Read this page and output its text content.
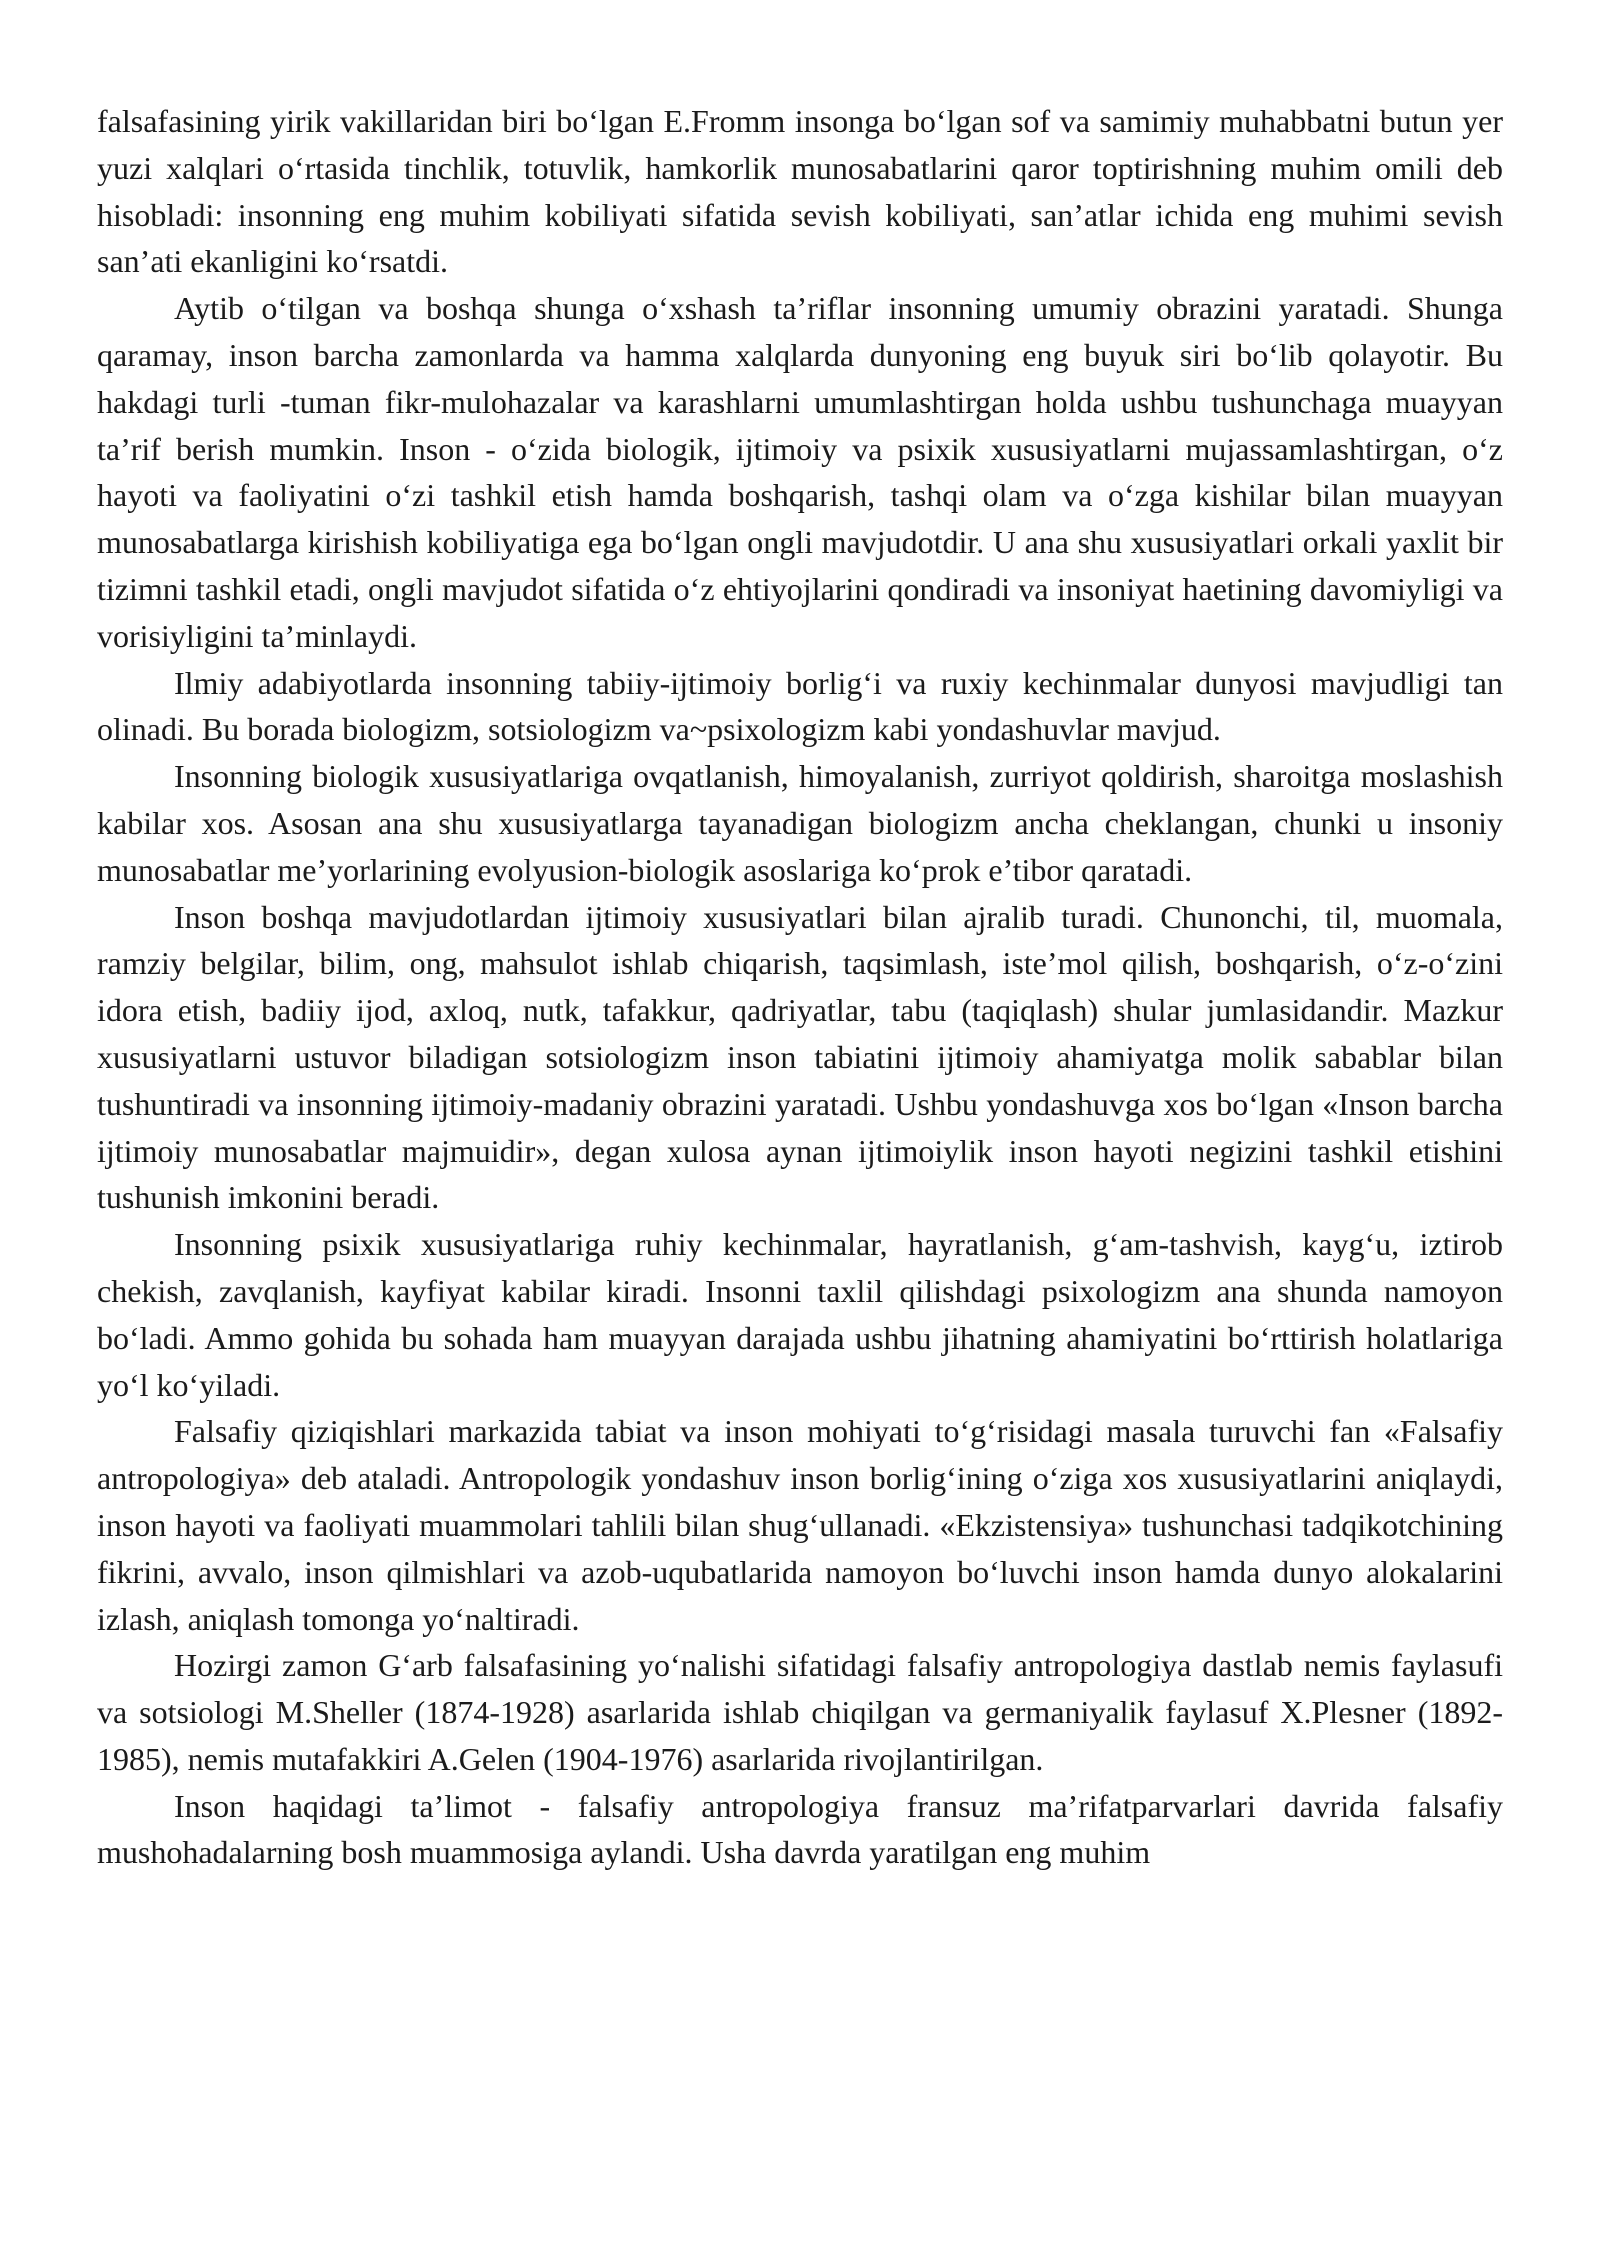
falsafasining yirik vakillaridan biri boʻlgan E.Fromm insonga boʻlgan sof va samimiy muhabbatni butun yer yuzi xalqlari oʻrtasida tinchlik, totuvlik, hamkorlik munosabatlarini qaror toptirishning muhim omili deb hisobladi: insonning eng muhim kobiliyati sifatida sevish kobiliyati, san’atlar ichida eng muhimi sevish san’ati ekanligini koʻrsatdi.

Aytib oʻtilgan va boshqa shunga oʻxshash ta’riflar insonning umumiy obrazini yaratadi. Shunga qaramay, inson barcha zamonlarda va hamma xalqlarda dunyoning eng buyuk siri boʻlib qolayotir. Bu hakdagi turli -tuman fikr-mulohazalar va karashlarni umumlashtirgan holda ushbu tushunchaga muayyan ta’rif berish mumkin. Inson - oʻzida biologik, ijtimoiy va psixik xususiyatlarni mujassamlashtirgan, oʻz hayoti va faoliyatini oʻzi tashkil etish hamda boshqarish, tashqi olam va oʻzga kishilar bilan muayyan munosabatlarga kirishish kobiliyatiga ega boʻlgan ongli mavjudotdir. U ana shu xususiyatlari orkali yaxlit bir tizimni tashkil etadi, ongli mavjudot sifatida oʻz ehtiyojlarini qondiradi va insoniyat haetining davomiyligi va vorisiyligini ta’minlaydi.

Ilmiy adabiyotlarda insonning tabiiy-ijtimoiy borligʻi va ruxiy kechinmalar dunyosi mavjudligi tan olinadi. Bu borada biologizm, sotsiologizm va~psixologizm kabi yondashuvlar mavjud.

Insonning biologik xususiyatlariga ovqatlanish, himoyalanish, zurriyot qoldirish, sharoitga moslashish kabilar xos. Asosan ana shu xususiyatlarga tayanadigan biologizm ancha cheklangan, chunki u insoniy munosabatlar me’yorlarining evolyusion-biologik asoslariga koʻprok e’tibor qaratadi.

Inson boshqa mavjudotlardan ijtimoiy xususiyatlari bilan ajralib turadi. Chunonchi, til, muomala, ramziy belgilar, bilim, ong, mahsulot ishlab chiqarish, taqsimlash, iste’mol qilish, boshqarish, oʻz-oʻzini idora etish, badiiy ijod, axloq, nutk, tafakkur, qadriyatlar, tabu (taqiqlash) shular jumlasidandir. Mazkur xususiyatlarni ustuvor biladigan sotsiologizm inson tabiatini ijtimoiy ahamiyatga molik sabablar bilan tushuntiradi va insonning ijtimoiy-madaniy obrazini yaratadi. Ushbu yondashuvga xos boʻlgan «Inson barcha ijtimoiy munosabatlar majmuidir», degan xulosa aynan ijtimoiylik inson hayoti negizini tashkil etishini tushunish imkonini beradi.

Insonning psixik xususiyatlariga ruhiy kechinmalar, hayratlanish, gʻam-tashvish, kaygʻu, iztirob chekish, zavqlanish, kayfiyat kabilar kiradi. Insonni taxlil qilishdagi psixologizm ana shunda namoyon boʻladi. Ammo gohida bu sohada ham muayyan darajada ushbu jihatning ahamiyatini boʻrttirish holatlariga yoʻl koʻyiladi.

Falsafiy qiziqishlari markazida tabiat va inson mohiyati toʻgʻrisidagi masala turuvchi fan «Falsafiy antropologiya» deb ataladi. Antropologik yondashuv inson borligʻining oʻziga xos xususiyatlarini aniqlaydi, inson hayoti va faoliyati muammolari tahlili bilan shugʻullanadi. «Ekzistensiya» tushunchasi tadqikotchining fikrini, avvalo, inson qilmishlari va azob-uqubatlarida namoyon boʻluvchi inson hamda dunyo alokalarini izlash, aniqlash tomonga yoʻnaltiradi.

Hozirgi zamon Gʻarb falsafasining yoʻnalishi sifatidagi falsafiy antropologiya dastlab nemis faylasufi va sotsiologi M.Sheller (1874-1928) asarlarida ishlab chiqilgan va germaniyalik faylasuf X.Plesner (1892-1985), nemis mutafakkiri A.Gelen (1904-1976) asarlarida rivojlantirilgan.

Inson haqidagi ta’limot - falsafiy antropologiya fransuz ma’rifatparvarlari davrida falsafiy mushohadalarning bosh muammosiga aylandi. Usha davrda yaratilgan eng muhim
